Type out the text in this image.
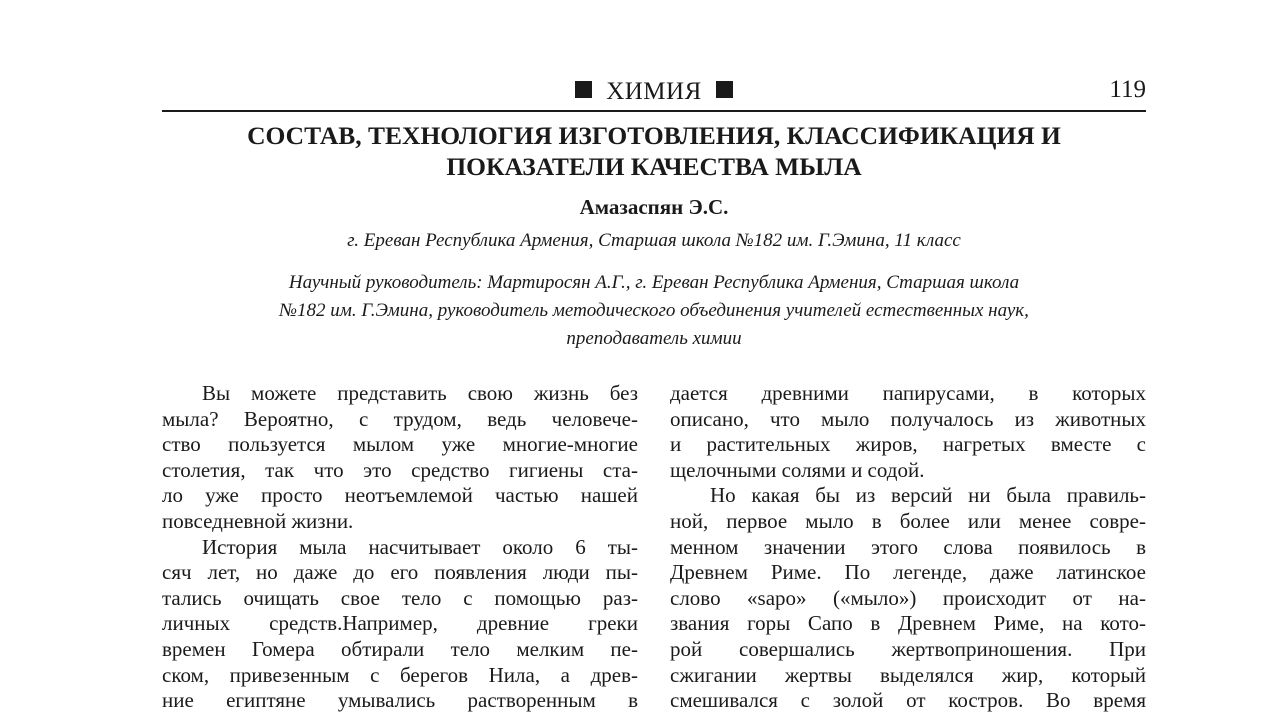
ХИМИЯ	119
СОСТАВ, ТЕХНОЛОГИЯ ИЗГОТОВЛЕНИЯ, КЛАССИФИКАЦИЯ И
ПОКАЗАТЕЛИ КАЧЕСТВА МЫЛА
Амазаспян Э.С.
г. Ереван Республика Армения, Старшая школа №182 им. Г.Эмина, 11 класс
Научный руководитель: Мартиросян А.Г., г. Ереван Республика Армения, Старшая школа
№182 им. Г.Эмина, руководитель методического объединения учителей естественных наук,
преподаватель химии
Вы можете представить свою жизнь без
мыла? Вероятно, с трудом, ведь человече-
ство пользуется мылом уже многие-многие
столетия, так что это средство гигиены ста-
ло уже просто неотъемлемой частью нашей
повседневной жизни.
История мыла насчитывает около 6 ты-
сяч лет, но даже до его появления люди пы-
тались очищать свое тело с помощью раз-
личных средств.Например, древние греки
времен Гомера обтирали тело мелким пе-
ском, привезенным с берегов Нила, а древ-
ние египтяне умывались растворенным в
дается древними папирусами, в которых
описано, что мыло получалось из животных
и растительных жиров, нагретых вместе с
щелочными солями и содой.
Но какая бы из версий ни была правиль-
ной, первое мыло в более или менее совре-
менном значении этого слова появилось в
Древнем Риме. По легенде, даже латинское
слово «sapo» («мыло») происходит от на-
звания горы Сапо в Древнем Риме, на кото-
рой совершались жертвоприношения. При
сжигании жертвы выделялся жир, который
смешивался с золой от костров. Во время
